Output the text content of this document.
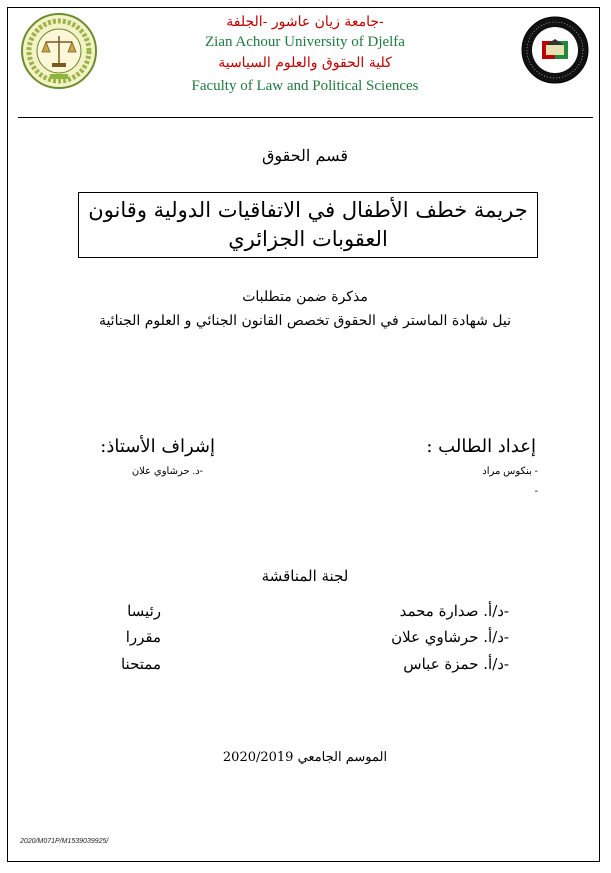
جامعة زيان عاشور -الجلفة-
Zian Achour University of Djelfa
كلية الحقوق والعلوم السياسية
Faculty of Law and Political Sciences
قسم الحقوق
جريمة خطف الأطفال في الاتفاقيات الدولية وقانون
العقوبات الجزائري
مذكرة ضمن متطلبات
نيل شهادة الماستر في الحقوق تخصص القانون الجنائي و العلوم الجنائية
إعداد الطالب :
- بنكوس مراد
-
إشراف الأستاذ:
-د. حرشاوي علان
لجنة المناقشة
-د/أ. صدارة محمد
رئيسا
-د/أ. حرشاوي علان
مقررا
-د/أ. حمزة عباس
ممتحنا
الموسم الجامعي 2020/2019
2020/M071P/M1539039925/
